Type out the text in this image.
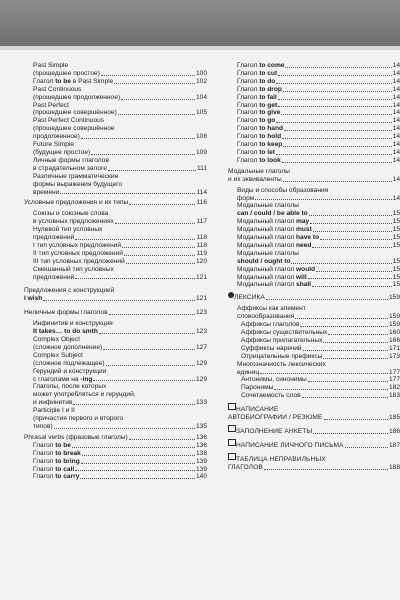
Past Simple
(прошедшее простое)	100
Глагол to be в Past Simple	102
Past Continuous
(прошедшее продолженное)	104
Past Perfect
(прошедшее совершённое)	105
Past Perfect Continuous
(прошедшее совершённое
продолженное)	108
Future Simple
(будущее простое)	109
Личные формы глаголов
в страдательном залоге	111
Различные грамматические
формы выражения будущего
времени	114
Условные предложения и их типы	116
Союзы и союзные слова
в условных предложениях	117
Нулевой тип условных
предложений	118
I тип условных предложений	118
II тип условных предложений	119
III тип условных предложений	120
Смешанный тип условных
предложений	121
Предложения с конструкцией
I wish	121
Неличные формы глаголов	123
Инфинитив и конструкция
It takes… to do smth	123
Complex Object
(сложное дополнение)	127
Complex Subject
(сложное подлежащее)	129
Герундий и конструкции
с глаголами на -ing	129
Глаголы, после которых
может употребляться и герундий,
и инфинитив	133
Participle I и II
(причастия первого и второго
типов)	135
Phrasal verbs (фразовые глаголы)	136
Глагол to be	136
Глагол to break	138
Глагол to bring	139
Глагол to call	139
Глагол to carry	140
Глагол to come	14
Глагол to cut	14
Глагол to do	14
Глагол to drop	14
Глагол to fall	14
Глагол to get	14
Глагол to give	14
Глагол to go	14
Глагол to hand	14
Глагол to hold	14
Глагол to keep	14
Глагол to let	14
Глагол to look	14
Модальные глаголы
и их эквиваленты	14
Виды и способы образования
форм	14
Модальные глаголы
can / could / be able to	15
Модальный глагол may	15
Модальный глагол must	15
Модальный глагол have to	15
Модальный глагол need	15
Модальные глаголы
should / ought to	15
Модальный глагол would	15
Модальный глагол will	15
Модальный глагол shall	15
ЛЕКСИКА	159
Аффиксы как элемент
словообразования	159
Аффиксы глаголов	159
Аффиксы существительных	160
Аффиксы прилагательных	166
Суффиксы наречий	171
Отрицательные префиксы	173
Многозначность лексических
единиц	177
Антонимы, синонимы	177
Паронимы	182
Сочетаемость слов	183
НАПИСАНИЕ
АВТОБИОГРАФИИ / РЕЗЮМЕ	185
ЗАПОЛНЕНИЕ АНКЕТЫ	186
НАПИСАНИЕ ЛИЧНОГО ПИСЬМА	187
ТАБЛИЦА НЕПРАВИЛЬНЫХ
ГЛАГОЛОВ	188
